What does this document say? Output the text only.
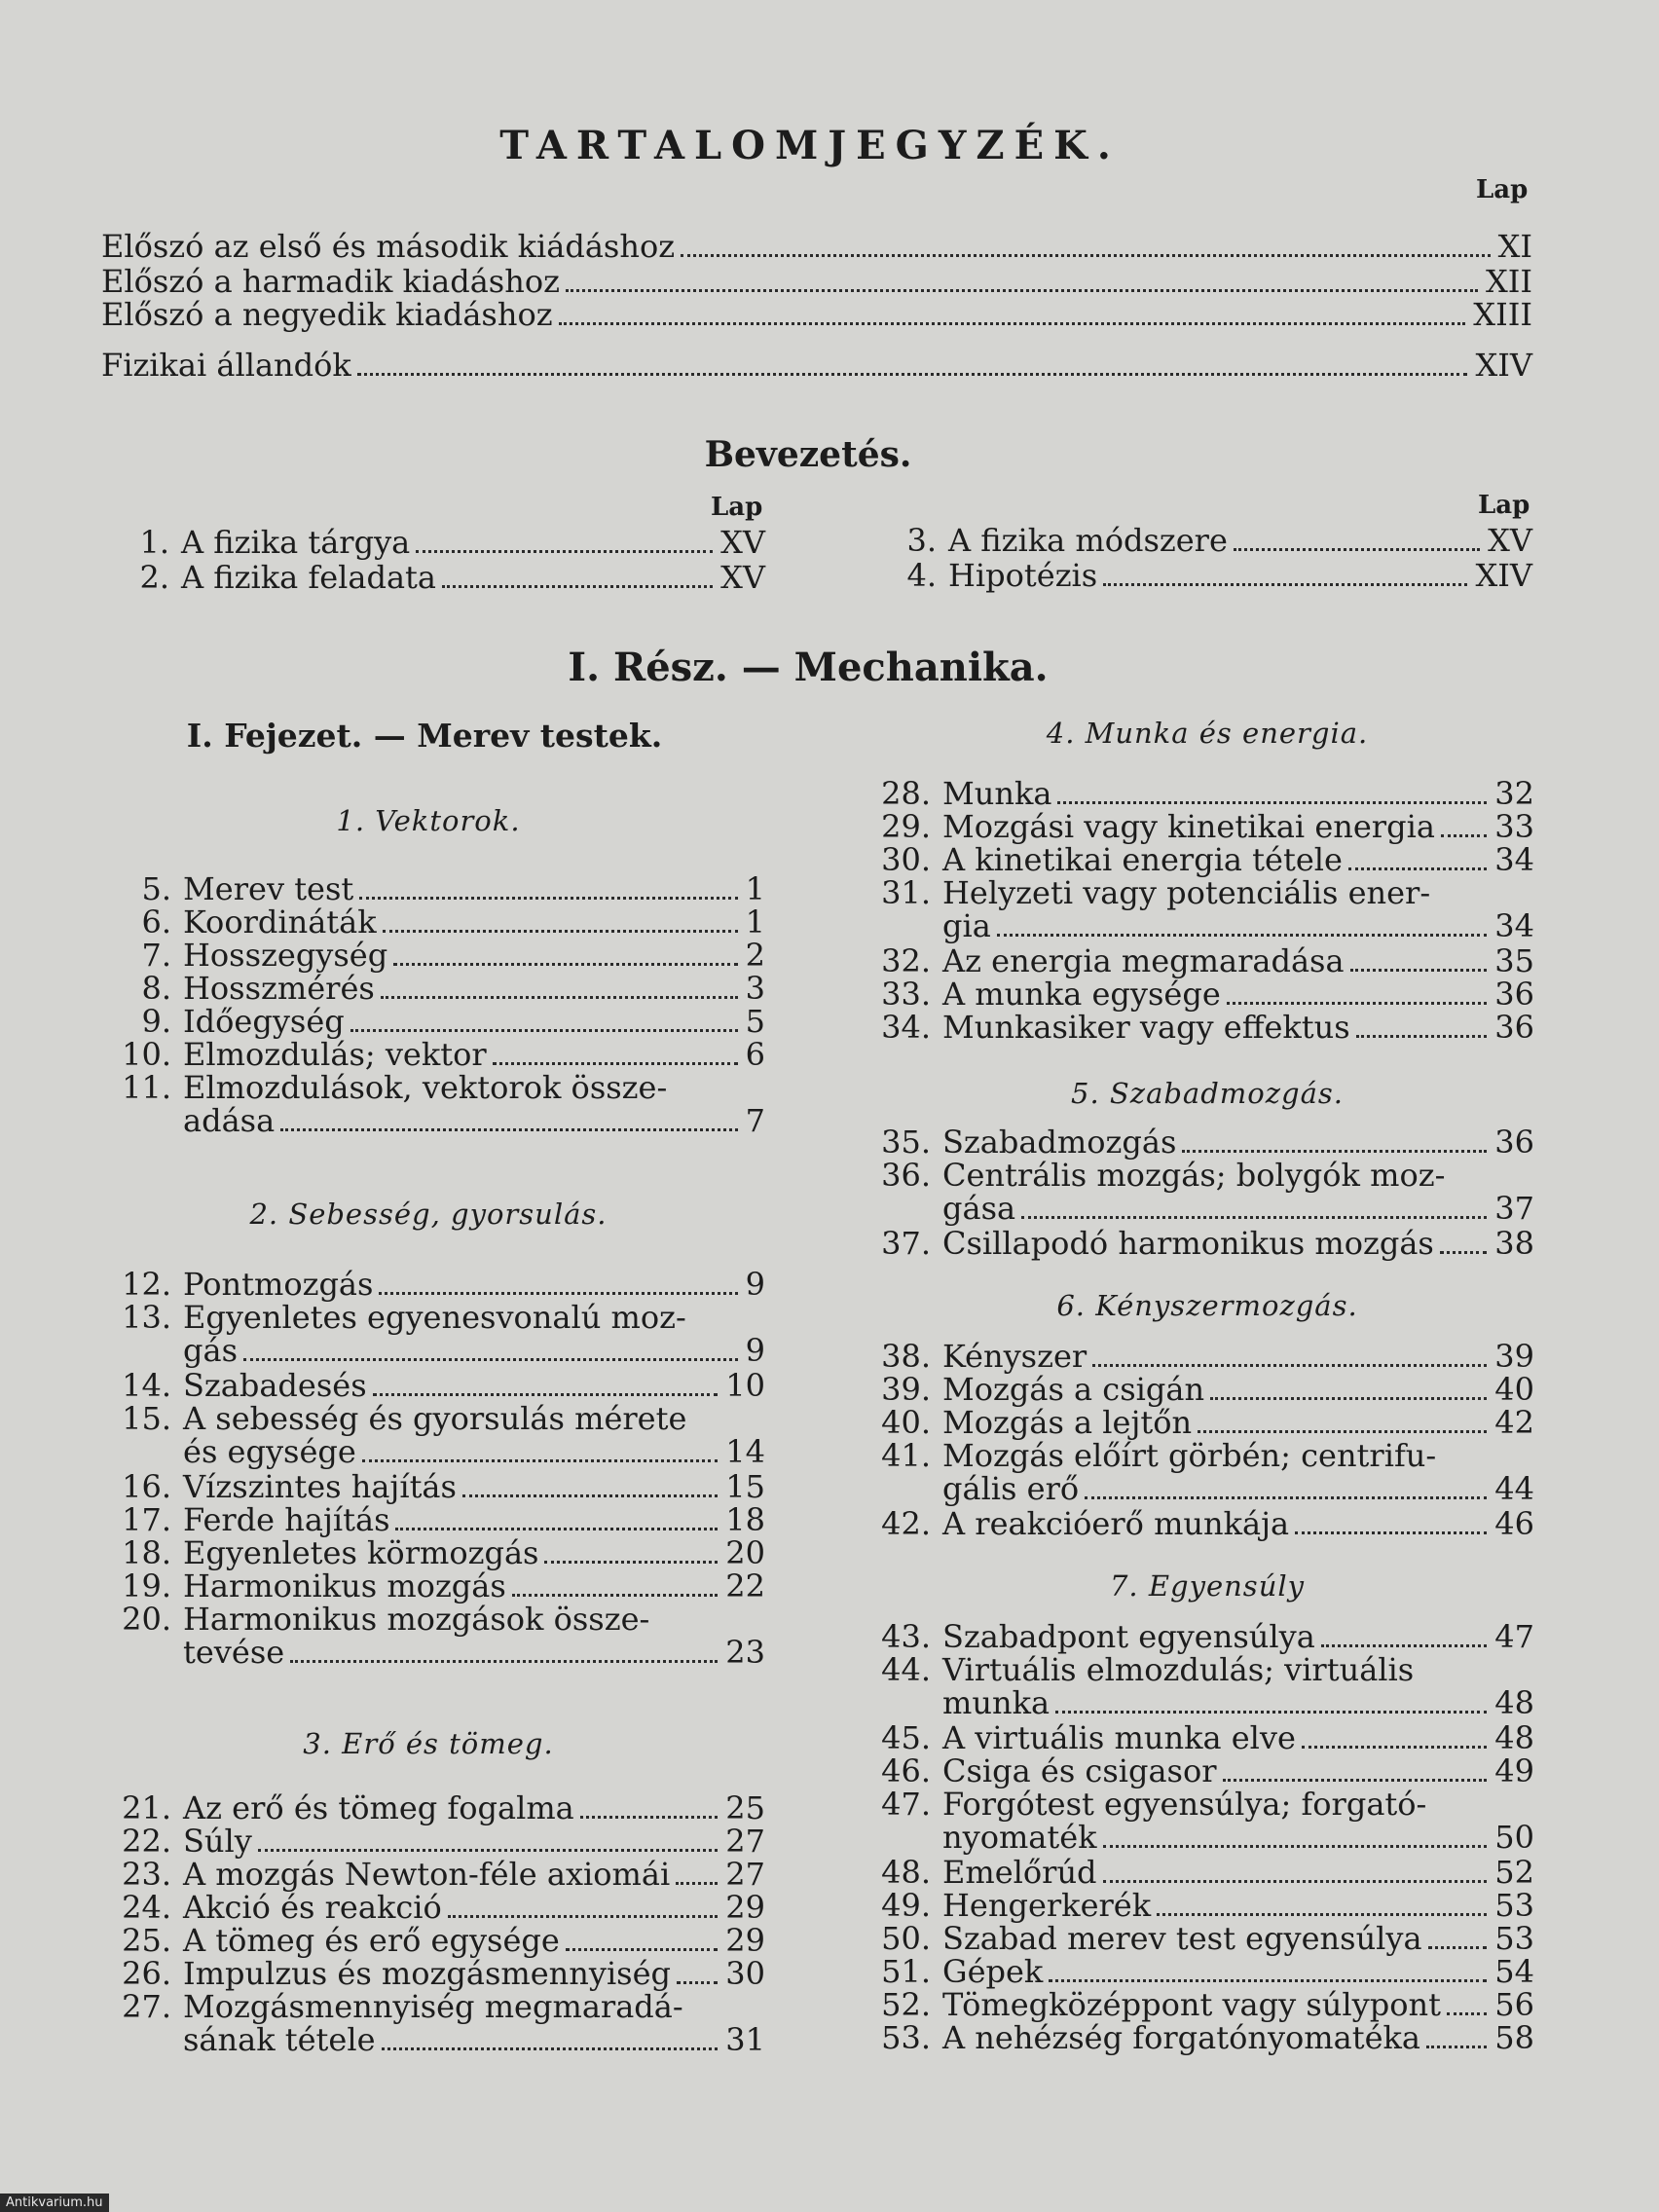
TARTALOMJEGYZÉK.
Lap
Előszó az első és második kiádáshoz	XI
Előszó a harmadik kiadáshoz	XII
Előszó a negyedik kiadáshoz	XIII
Fizikai állandók	XIV
Bevezetés.
Lap	Lap
1. A fizika tárgya	XV
2. A fizika feladata	XV
3. A fizika módszere	XV
4. Hipotézis	XIV
I. Rész. — Mechanika.
I. Fejezet. — Merev testek.
1. Vektorok.
5. Merev test	1
6. Koordináták	1
7. Hosszegység	2
8. Hosszmérés	3
9. Időegység	5
10. Elmozdulás; vektor	6
11. Elmozdulások, vektorok össze-
adása	7
12. Pontmozgás	9
13. Egyenletes egyenesvonalú moz-
gás	9
14. Szabadesés	10
15. A sebesség és gyorsulás mérete
és egysége	14
16. Vízszintes hajítás	15
17. Ferde hajítás	18
18. Egyenletes körmozgás	20
19. Harmonikus mozgás	22
20. Harmonikus mozgások össze-
tevése	23
21. Az erő és tömeg fogalma	25
22. Súly	27
23. A mozgás Newton-féle axiomái 27
24. Akció és reakció	29
25. A tömeg és erő egysége	29
26. Impulzus és mozgásmennyiség 30
27. Mozgásmennyiség megmaradá-
sának tétele	31
28. Munka	32
29. Mozgási vagy kinetikai energia 33
30. A kinetikai energia tétele	34
31. Helyzeti vagy potenciális ener-
gia	34
32. Az energia megmaradása	35
33. A munka egysége	36
34. Munkasiker vagy effektus	36
35. Szabadmozgás	36
36. Centrális mozgás; bolygók moz-
gása	37
37. Csillapodó harmonikus mozgás 38
38. Kényszer	39
39. Mozgás a csigán	40
40. Mozgás a lejtőn	42
41. Mozgás előírt görbén; centrifu-
gális erő	44
42. A reakcióerő munkája	46
43. Szabadpont egyensúlya	47
44. Virtuális elmozdulás; virtuális
munka	48
45. A virtuális munka elve	48
46. Csiga és csigasor	49
47. Forgótest egyensúlya; forgató-
nyomaték	50
48. Emelőrúd	52
49. Hengerkerék	53
50. Szabad merev test egyensúlya 53
51. Gépek	54
52. Tömegközéppont vagy súlypont 56
53. A nehézség forgatónyomatéka 58
2. Sebesség, gyorsulás.
3. Erő és tömeg.
4. Munka és energia.
5. Szabadmozgás.
6. Kényszermozgás.
7. Egyensúly
Antikvarium.hu
